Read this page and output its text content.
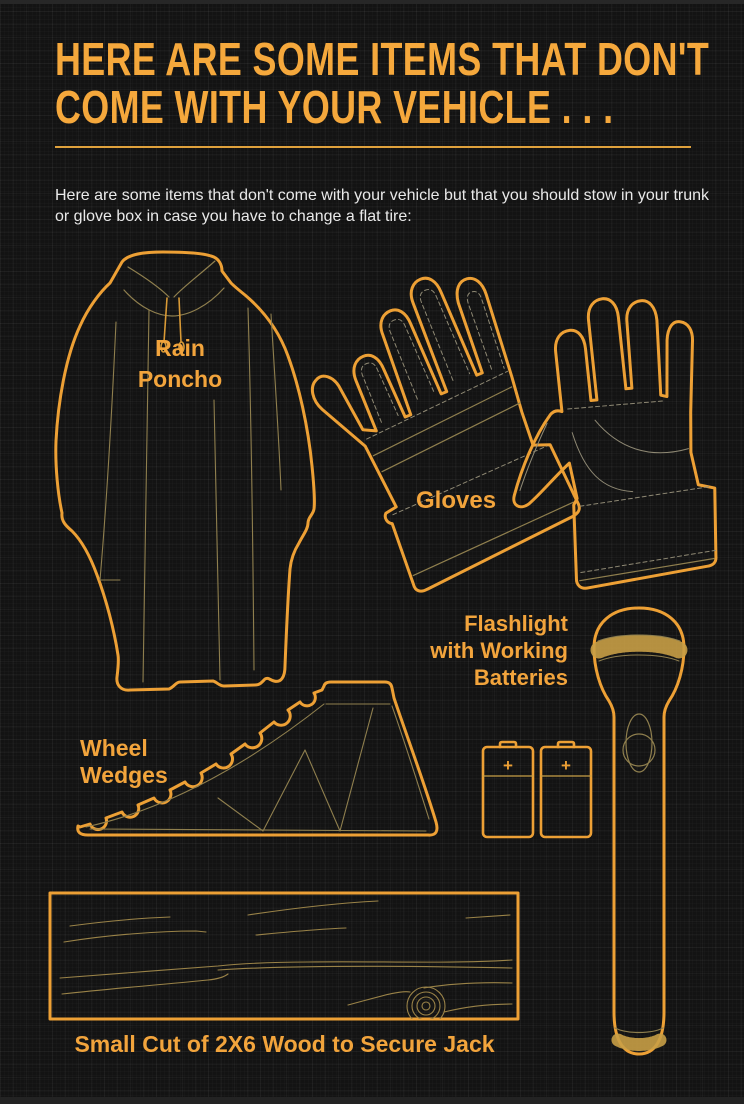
HERE ARE SOME ITEMS THAT DON'T
COME WITH YOUR VEHICLE . . .
Here are some items that don't come with your vehicle but that you should stow in your trunk or glove box in case you have to change a flat tire:
Rain
Poncho
Gloves
Flashlight
with Working
Batteries
Wheel
Wedges	+	+
Small Cut of 2X6 Wood to Secure Jack
